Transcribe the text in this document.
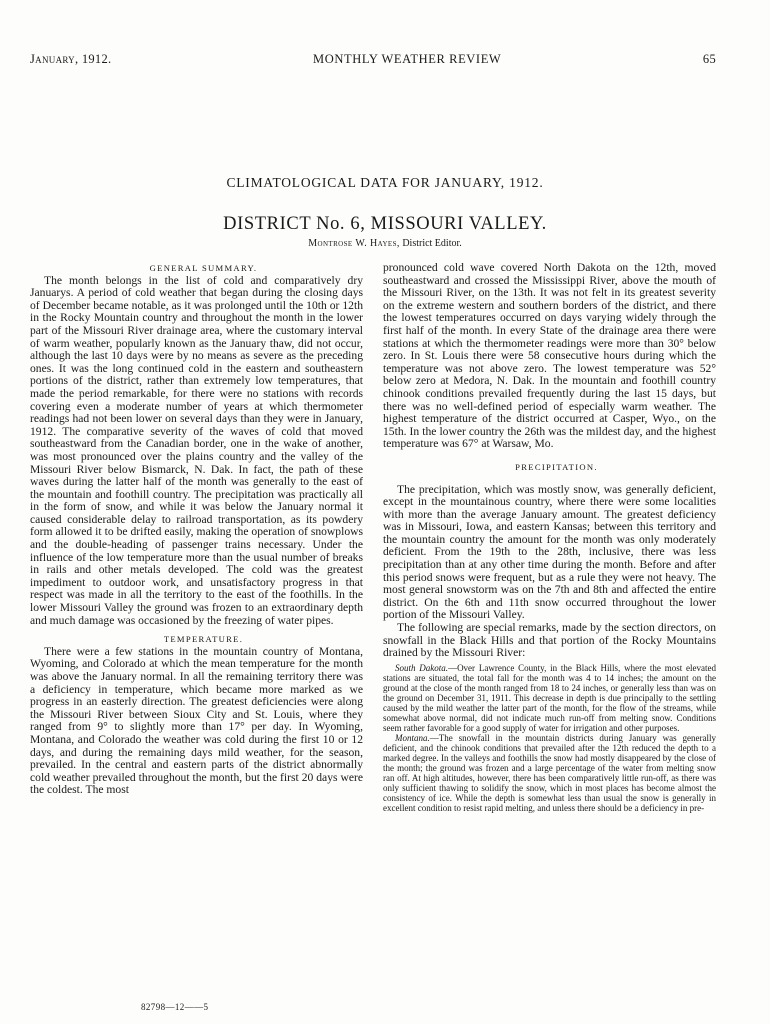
January, 1912.	MONTHLY WEATHER REVIEW	65
CLIMATOLOGICAL DATA FOR JANUARY, 1912.
DISTRICT No. 6, MISSOURI VALLEY.
Montrose W. Hayes, District Editor.

GENERAL SUMMARY.

The month belongs in the list of cold and comparatively dry Januarys. A period of cold weather that began during the closing days of December became notable, as it was prolonged until the 10th or 12th in the Rocky Mountain country and throughout the month in the lower part of the Missouri River drainage area, where the customary interval of warm weather, popularly known as the January thaw, did not occur, although the last 10 days were by no means as severe as the preceding ones. It was the long continued cold in the eastern and southeastern portions of the district, rather than extremely low temperatures, that made the period remarkable, for there were no stations with records covering even a moderate number of years at which thermometer readings had not been lower on several days than they were in January, 1912. The comparative severity of the waves of cold that moved southeastward from the Canadian border, one in the wake of another, was most pronounced over the plains country and the valley of the Missouri River below Bismarck, N. Dak. In fact, the path of these waves during the latter half of the month was generally to the east of the mountain and foothill country. The precipitation was practically all in the form of snow, and while it was below the January normal it caused considerable delay to railroad transportation, as its powdery form allowed it to be drifted easily, making the operation of snowplows and the double-heading of passenger trains necessary. Under the influence of the low temperature more than the usual number of breaks in rails and other metals developed. The cold was the greatest impediment to outdoor work, and unsatisfactory progress in that respect was made in all the territory to the east of the foothills. In the lower Missouri Valley the ground was frozen to an extraordinary depth and much damage was occasioned by the freezing of water pipes.

TEMPERATURE.

There were a few stations in the mountain country of Montana, Wyoming, and Colorado at which the mean temperature for the month was above the January normal. In all the remaining territory there was a deficiency in temperature, which became more marked as we progress in an easterly direction. The greatest deficiencies were along the Missouri River between Sioux City and St. Louis, where they ranged from 9° to slightly more than 17° per day. In Wyoming, Montana, and Colorado the weather was cold during the first 10 or 12 days, and during the remaining days mild weather, for the season, prevailed. In the central and eastern parts of the district abnormally cold weather prevailed throughout the month, but the first 20 days were the coldest. The most

pronounced cold wave covered North Dakota on the 12th, moved southeastward and crossed the Mississippi River, above the mouth of the Missouri River, on the 13th. It was not felt in its greatest severity on the extreme western and southern borders of the district, and there the lowest temperatures occurred on days varying widely through the first half of the month. In every State of the drainage area there were stations at which the thermometer readings were more than 30° below zero. In St. Louis there were 58 consecutive hours during which the temperature was not above zero. The lowest temperature was 52° below zero at Medora, N. Dak. In the mountain and foothill country chinook conditions prevailed frequently during the last 15 days, but there was no well-defined period of especially warm weather. The highest temperature of the district occurred at Casper, Wyo., on the 15th. In the lower country the 26th was the mildest day, and the highest temperature was 67° at Warsaw, Mo.

PRECIPITATION.

The precipitation, which was mostly snow, was generally deficient, except in the mountainous country, where there were some localities with more than the average January amount. The greatest deficiency was in Missouri, Iowa, and eastern Kansas; between this territory and the mountain country the amount for the month was only moderately deficient. From the 19th to the 28th, inclusive, there was less precipitation than at any other time during the month. Before and after this period snows were frequent, but as a rule they were not heavy. The most general snowstorm was on the 7th and 8th and affected the entire district. On the 6th and 11th snow occurred throughout the lower portion of the Missouri Valley.

The following are special remarks, made by the section directors, on snowfall in the Black Hills and that portion of the Rocky Mountains drained by the Missouri River:

South Dakota.—Over Lawrence County, in the Black Hills, where the most elevated stations are situated, the total fall for the month was 4 to 14 inches; the amount on the ground at the close of the month ranged from 18 to 24 inches, or generally less than was on the ground on December 31, 1911. This decrease in depth is due principally to the settling caused by the mild weather the latter part of the month, for the flow of the streams, while somewhat above normal, did not indicate much run-off from melting snow. Conditions seem rather favorable for a good supply of water for irrigation and other purposes.

Montana.—The snowfall in the mountain districts during January was generally deficient, and the chinook conditions that prevailed after the 12th reduced the depth to a marked degree. In the valleys and foothills the snow had mostly disappeared by the close of the month; the ground was frozen and a large percentage of the water from melting snow ran off. At high altitudes, however, there has been comparatively little run-off, as there was only sufficient thawing to solidify the snow, which in most places has become almost the consistency of ice. While the depth is somewhat less than usual the snow is generally in excellent condition to resist rapid melting, and unless there should be a deficiency in pre-

82798—12——5
